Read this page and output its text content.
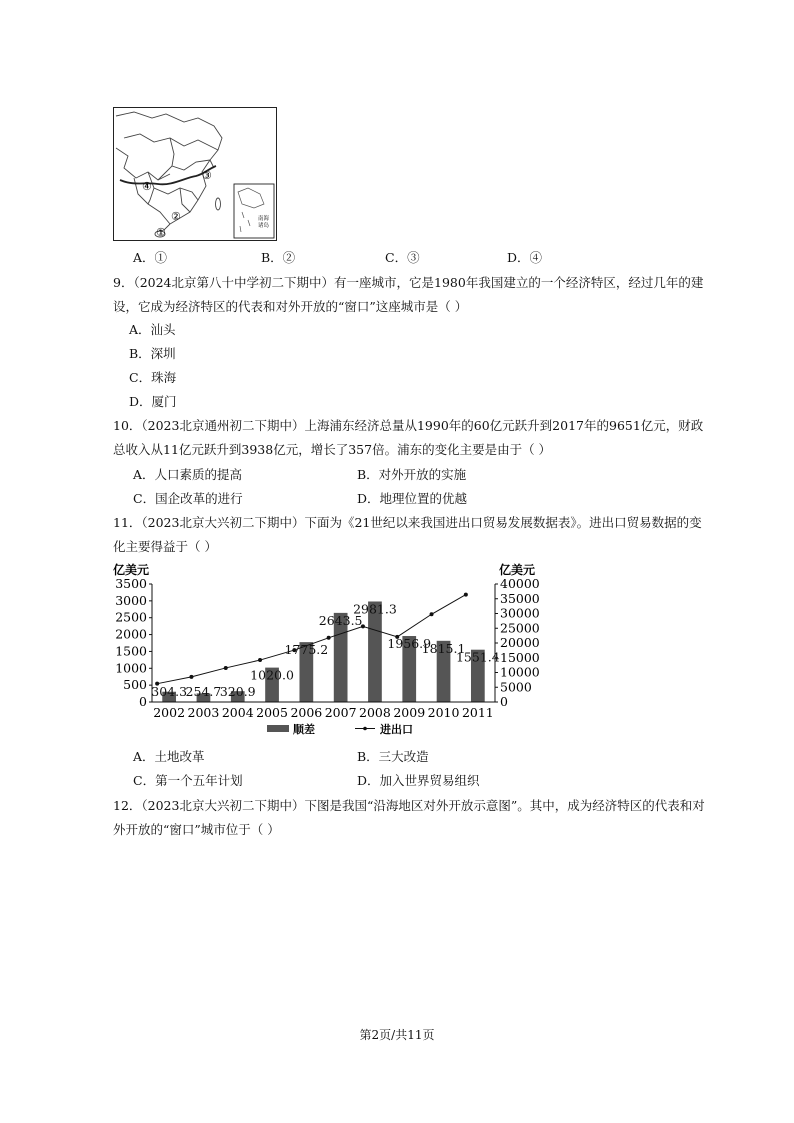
④
③
②
①
南海诸岛
A．①	B．②	C．③	D．④
9．（2024北京第八十中学初二下期中）有一座城市，它是1980年我国建立的一个经济特区，经过几年的建
设，它成为经济特区的代表和对外开放的“窗口”这座城市是（ ）
A．汕头
B．深圳
C．珠海
D．厦门
10．（2023北京通州初二下期中）上海浦东经济总量从1990年的60亿元跃升到2017年的9651亿元，财政
总收入从11亿元跃升到3938亿元，增长了357倍。浦东的变化主要是由于（ ）
A．人口素质的提高	B．对外开放的实施
C．国企改革的进行	D．地理位置的优越
11．（2023北京大兴初二下期中）下面为《21世纪以来我国进出口贸易发展数据表》。进出口贸易数据的变
化主要得益于（ ）
304.3
254.7
320.9
1020.0
1775.2
2643.5
2981.3
1956.9
1815.1
1551.4
0
500
1000
1500
2000
2500
3000
3500
0
5000
10000
15000
20000
25000
30000
35000
40000
2002 2003 2004 2005 2006 2007 2008 2009 2010 2011
亿美元	亿美元
顺差	进出口
A．土地改革	B．三大改造
C．第一个五年计划	D．加入世界贸易组织
12．（2023北京大兴初二下期中）下图是我国“沿海地区对外开放示意图”。其中，成为经济特区的代表和对
外开放的“窗口”城市位于（ ）
第2页/共11页
